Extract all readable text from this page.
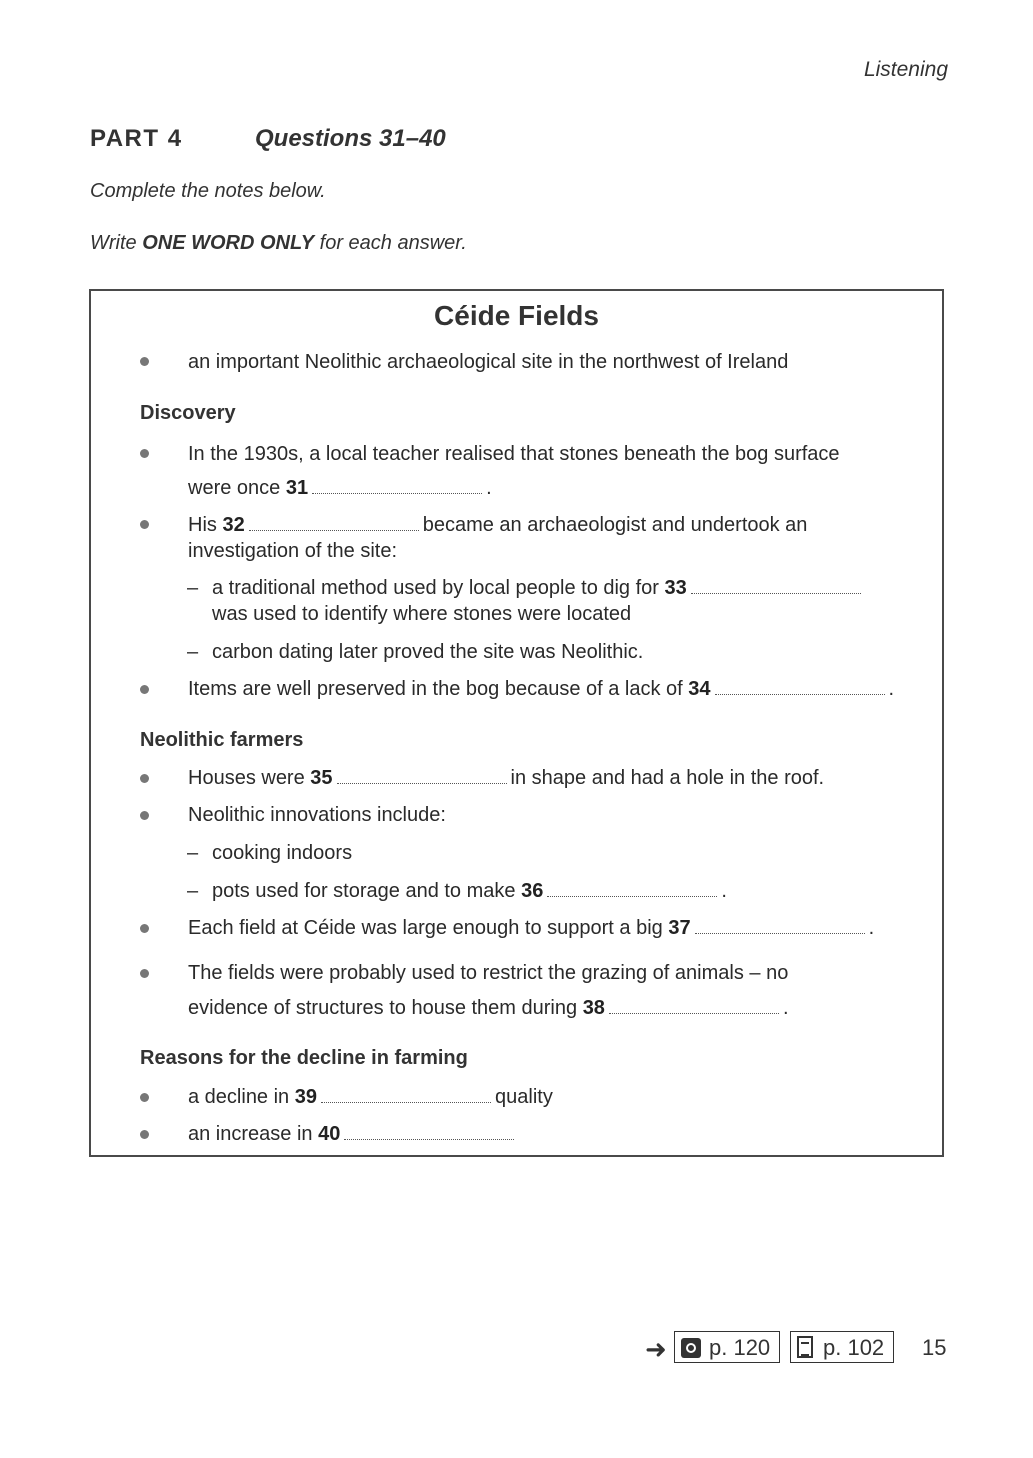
Listening
PART 4	Questions 31–40
Complete the notes below.
Write ONE WORD ONLY for each answer.
Céide Fields
an important Neolithic archaeological site in the northwest of Ireland
Discovery
In the 1930s, a local teacher realised that stones beneath the bog surface
were once 31	.
His 32	became an archaeologist and undertook an
investigation of the site:
– a traditional method used by local people to dig for 33
was used to identify where stones were located
– carbon dating later proved the site was Neolithic.
Items are well preserved in the bog because of a lack of 34	.
Neolithic farmers
Houses were 35	in shape and had a hole in the roof.
Neolithic innovations include:
– cooking indoors
– pots used for storage and to make 36	.
Each field at Céide was large enough to support a big 37	.
The fields were probably used to restrict the grazing of animals – no
evidence of structures to house them during 38	.
Reasons for the decline in farming
a decline in 39	quality
an increase in 40
➜	p. 120	p. 102	15
